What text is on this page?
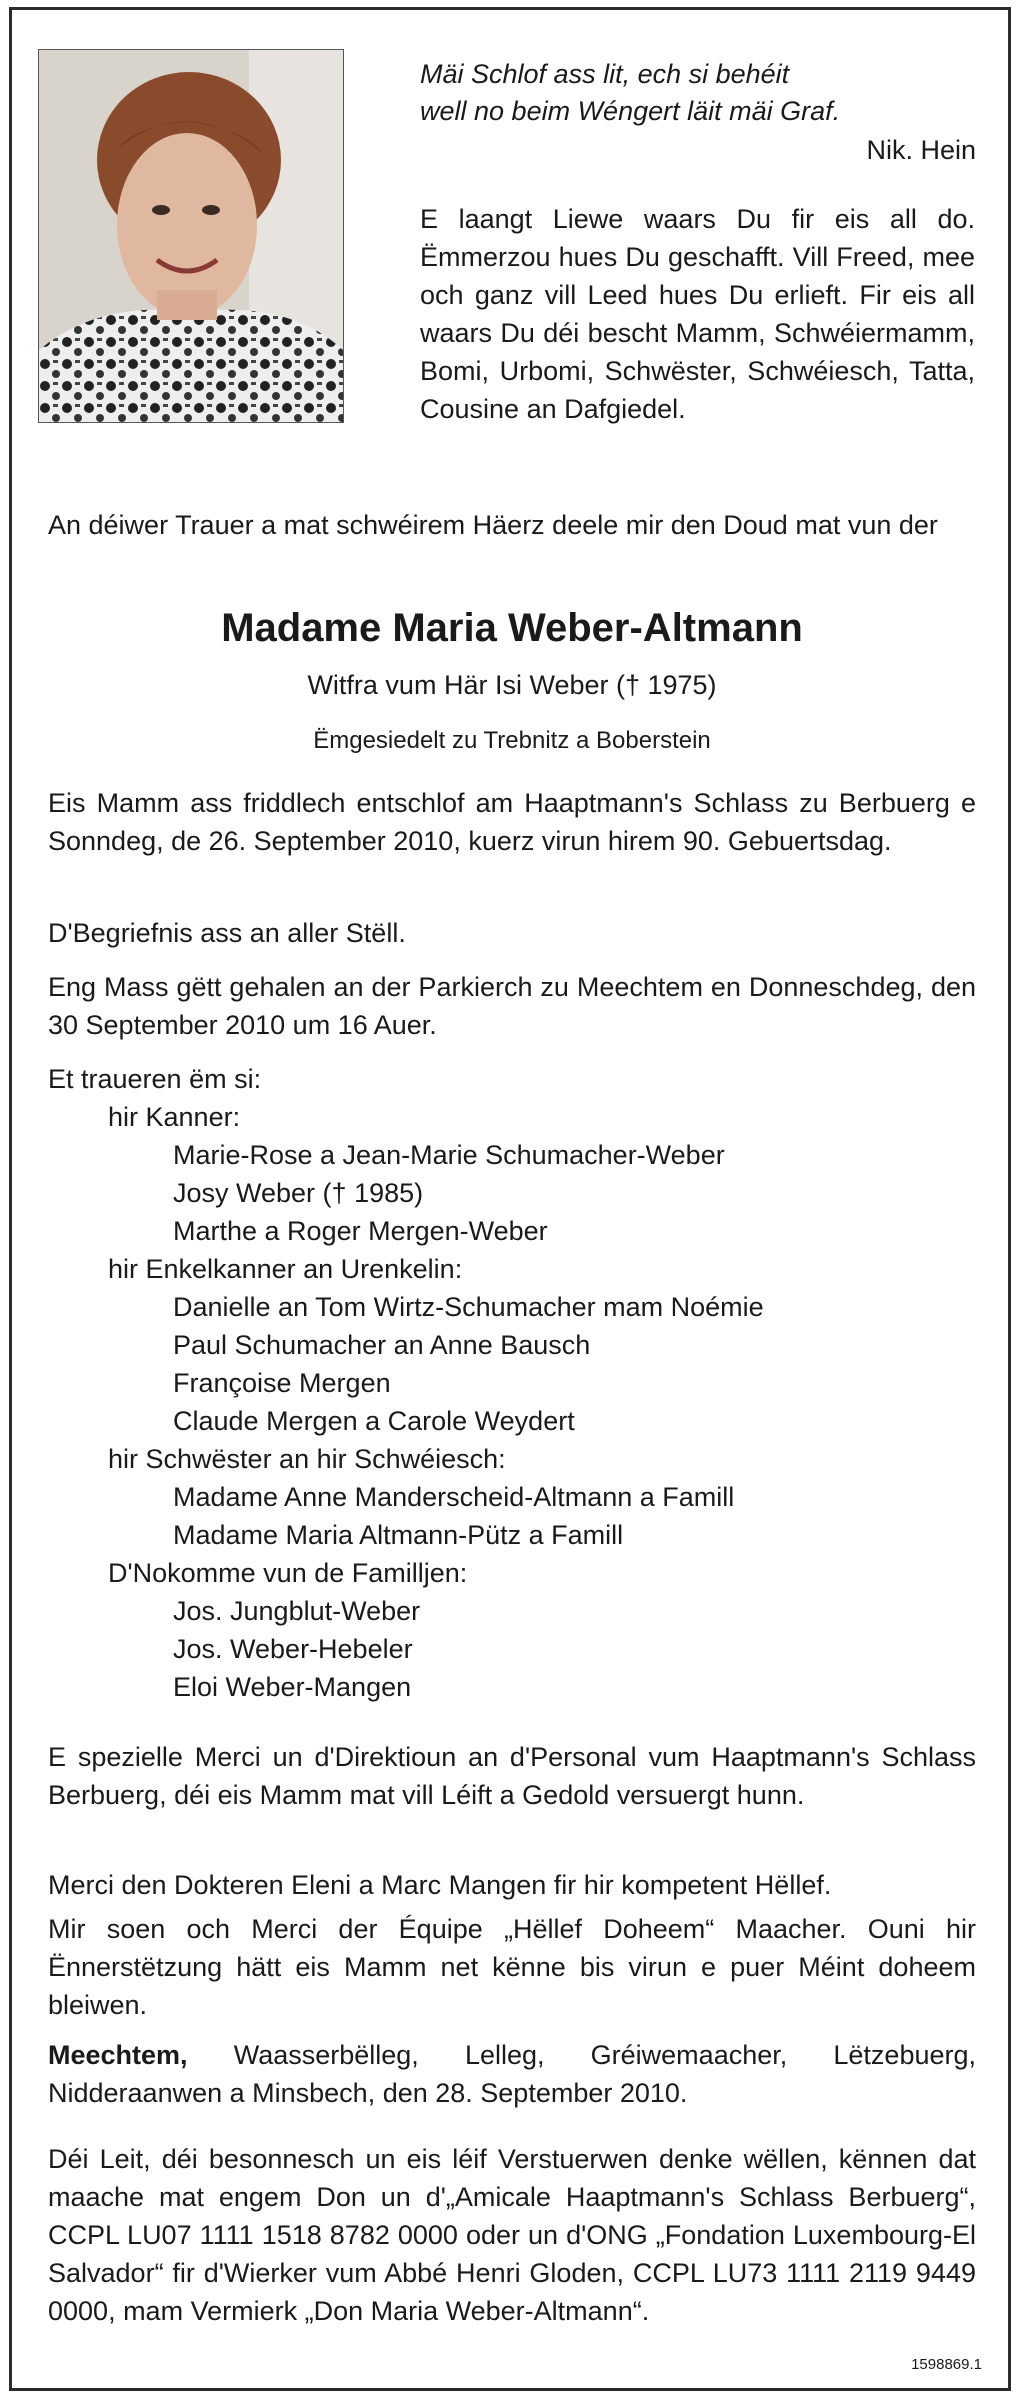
Mäi Schlof ass lit, ech si behéit
well no beim Wéngert läit mäi Graf.
Nik. Hein
E laangt Liewe waars Du fir eis all do. Ëmmerzou hues Du geschafft. Vill Freed, mee och ganz vill Leed hues Du erlieft. Fir eis all waars Du déi bescht Mamm, Schwéiermamm, Bomi, Urbomi, Schwëster, Schwéiesch, Tatta, Cousine an Dafgiedel.
An déiwer Trauer a mat schwéirem Häerz deele mir den Doud mat vun der
Madame Maria Weber-Altmann
Witfra vum Här Isi Weber († 1975)
Ëmgesiedelt zu Trebnitz a Boberstein
Eis Mamm ass friddlech entschlof am Haaptmann's Schlass zu Berbuerg e Sonndeg, de 26. September 2010, kuerz virun hirem 90. Gebuertsdag.
D'Begriefnis ass an aller Stëll.
Eng Mass gëtt gehalen an der Parkierch zu Meechtem en Donneschdeg, den 30 September 2010 um 16 Auer.
Et traueren ëm si:
hir Kanner:
Marie-Rose a Jean-Marie Schumacher-Weber
Josy Weber († 1985)
Marthe a Roger Mergen-Weber
hir Enkelkanner an Urenkelin:
Danielle an Tom Wirtz-Schumacher mam Noémie
Paul Schumacher an Anne Bausch
Françoise Mergen
Claude Mergen a Carole Weydert
hir Schwëster an hir Schwéiesch:
Madame Anne Manderscheid-Altmann a Famill
Madame Maria Altmann-Pütz a Famill
D'Nokomme vun de Familljen:
Jos. Jungblut-Weber
Jos. Weber-Hebeler
Eloi Weber-Mangen
E spezielle Merci un d'Direktioun an d'Personal vum Haaptmann's Schlass Berbuerg, déi eis Mamm mat vill Léift a Gedold versuergt hunn.
Merci den Dokteren Eleni a Marc Mangen fir hir kompetent Hëllef.
Mir soen och Merci der Équipe „Hëllef Doheem“ Maacher. Ouni hir Ënnerstëtzung hätt eis Mamm net kënne bis virun e puer Méint doheem bleiwen.
Meechtem, Waasserbëlleg, Lelleg, Gréiwemaacher, Lëtzebuerg, Nidderaanwen a Minsbech, den 28. September 2010.
Déi Leit, déi besonnesch un eis léif Verstuerwen denke wëllen, kënnen dat maache mat engem Don un d'„Amicale Haaptmann's Schlass Berbuerg“, CCPL LU07 1111 1518 8782 0000 oder un d'ONG „Fondation Luxembourg-El Salvador“ fir d'Wierker vum Abbé Henri Gloden, CCPL LU73 1111 2119 9449 0000, mam Vermierk „Don Maria Weber-Altmann“.
1598869.1
